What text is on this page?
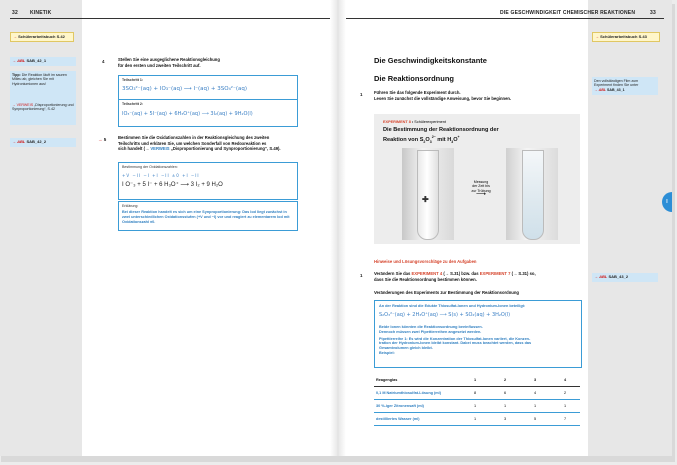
32 KINETIK	DIE GESCHWINDIGKEIT CHEMISCHER REAKTIONEN	33
→ Schülerarbeitsbuch S.42
→ ABL SAB_42_1
Tipp: Die Reaktion läuft im sauren Milieu ab, gleichen Sie mit Hydroniumionen aus!
→ VERWEIS „Disproportionierung und Synproportionierung“, S.42
→ ABL SAB_42_2
4	Stellen Sie eine ausgeglichene Reaktionsgleichung
für den ersten und zweiten Teilschritt auf.
Teilschritt 1:
3SO₃²⁻(aq) + IO₃⁻(aq) ⟶ I⁻(aq) + 3SO₄²⁻(aq)
Teilschritt 2:
IO₃⁻(aq) + 5I⁻(aq) + 6H₃O⁺(aq) ⟶ 3I₂(aq) + 9H₂O(l)
→ 5	Bestimmen Sie die Oxidationszahlen in der Reaktionsgleichung des zweiten
Teilschritts und erklären Sie, um welchen Sonderfall von Redoxreaktion es
sich handelt (→ VERWEIS „Disproportionierung und Synproportionierung“, S.49).
Bestimmung der Oxidationszahlen:
+V −II −I +I −II ±0 +I −II
I O⁻₃ + 5 I⁻ + 6 H₃O⁺ ⟶ 3 I₂ + 9 H₂O
Erklärung:
Bei dieser Reaktion handelt es sich um eine Synproportionierung: Das Iod liegt zunächst in zwei unterschiedlichen Oxidationsstufen (+V und −I) vor und reagiert zu elementarem Iod mit Oxidationszahl ±0.
Die Geschwindigkeitskonstante
Die Reaktionsordnung
1	Führen Sie das folgende Experiment durch.
Lesen Sie zunächst die vollständige Anweisung, bevor Sie beginnen.
EXPERIMENT 8 • Schülerexperiment
Die Bestimmung der Reaktionsordnung der
Reaktion von $S_2O_3^{2-}$ mit $H_3O^+$
✚
Messung
der Zeit bis
zur Trübung
⟶
Hinweise und Lösungsvorschläge zu den Aufgaben
1	Verändern Sie das EXPERIMENT 4 (→ S.31) bzw. das EXPERIMENT 7 (→ S.31) so,
dass Sie die Reaktionsordnung bestimmen können.
Veränderungen des Experiments zur Bestimmung der Reaktionsordnung
An der Reaktion sind die Edukte Thiosulfat-Ionen und Hydronium-Ionen beteiligt:
S₂O₃²⁻(aq) + 2H₃O⁺(aq) ⟶ S(s) + SO₂(aq) + 3H₂O(l)
Beide Ionen könnten die Reaktionsordnung beeinflussen.
Dennoch müssen zwei Pipettierreihen angesetzt werden.
Pipettierreihe 1: Es wird die Konzentration der Thiosulfat-Ionen variiert, die Konzen-
tration der Hydronium-Ionen bleibt konstant. Dabei muss beachtet werden, dass das
Gesamtvolumen gleich bleibt.
Beispiel:
Reagenglas	1	2	3	4
0,1 M Natriumthiosulfat-Lösung (ml)	8	6	4	2
30 %-iger Zitronensaft (ml)	1	1	1	1
destilliertes Wasser (ml)	1	3	5	7
→ Schülerarbeitsbuch S.43
Den vollständigen Film zum Experiment finden Sie unter
→ ABL SAB_43_1
→ ABL SAB_43_2
I
